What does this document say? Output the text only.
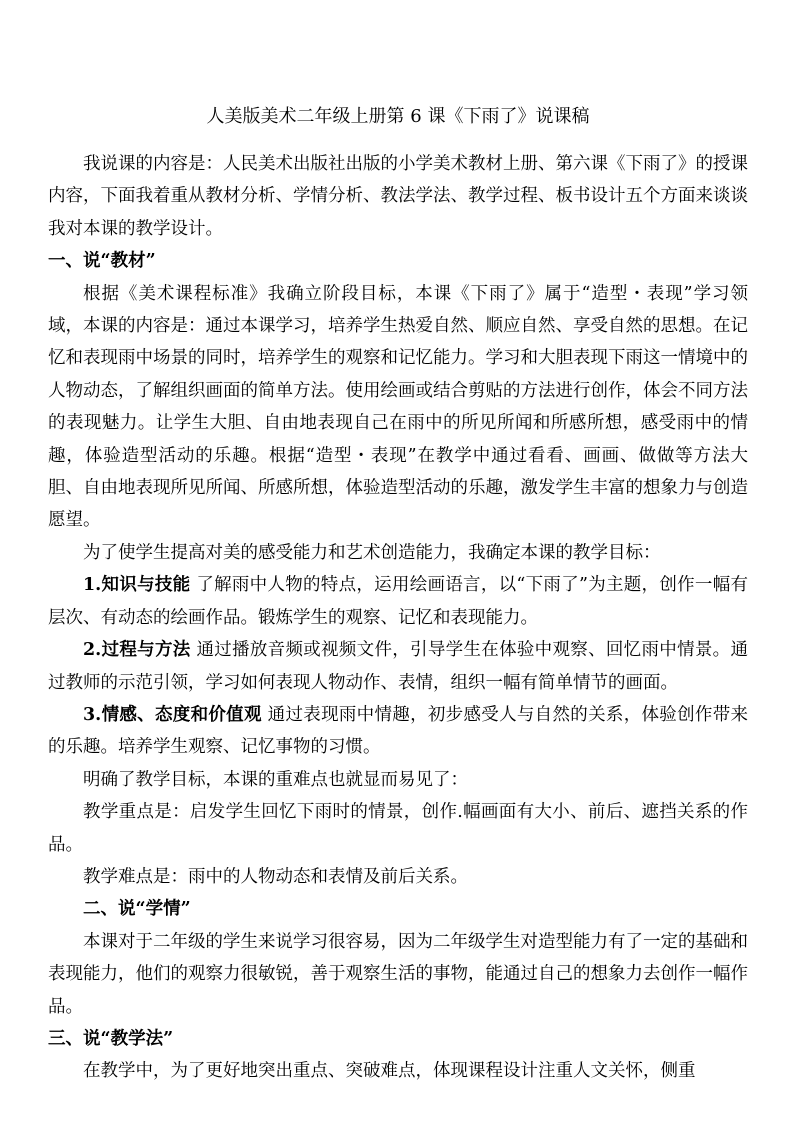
人美版美术二年级上册第 6 课《下雨了》说课稿

我说课的内容是：人民美术出版社出版的小学美术教材上册、第六课《下雨了》的授课内容，下面我着重从教材分析、学情分析、教法学法、教学过程、板书设计五个方面来谈谈我对本课的教学设计。

一、说“教材”

根据《美术课程标准》我确立阶段目标，本课《下雨了》属于“造型・表现”学习领域，本课的内容是：通过本课学习，培养学生热爱自然、顺应自然、享受自然的思想。在记忆和表现雨中场景的同时，培养学生的观察和记忆能力。学习和大胆表现下雨这一情境中的人物动态，了解组织画面的简单方法。使用绘画或结合剪贴的方法进行创作，体会不同方法的表现魅力。让学生大胆、自由地表现自己在雨中的所见所闻和所感所想，感受雨中的情趣，体验造型活动的乐趣。根据“造型・表现”在教学中通过看看、画画、做做等方法大胆、自由地表现所见所闻、所感所想，体验造型活动的乐趣，激发学生丰富的想象力与创造愿望。

为了使学生提高对美的感受能力和艺术创造能力，我确定本课的教学目标：

1.知识与技能 了解雨中人物的特点，运用绘画语言，以“下雨了”为主题，创作一幅有层次、有动态的绘画作品。锻炼学生的观察、记忆和表现能力。

2.过程与方法 通过播放音频或视频文件，引导学生在体验中观察、回忆雨中情景。通过教师的示范引领，学习如何表现人物动作、表情，组织一幅有简单情节的画面。

3.情感、态度和价值观 通过表现雨中情趣，初步感受人与自然的关系，体验创作带来的乐趣。培养学生观察、记忆事物的习惯。

明确了教学目标，本课的重难点也就显而易见了：

教学重点是：启发学生回忆下雨时的情景，创作.幅画面有大小、前后、遮挡关系的作品。

教学难点是：雨中的人物动态和表情及前后关系。

二、说“学情”

本课对于二年级的学生来说学习很容易，因为二年级学生对造型能力有了一定的基础和表现能力，他们的观察力很敏锐，善于观察生活的事物，能通过自己的想象力去创作一幅作品。

三、说“教学法”

在教学中，为了更好地突出重点、突破难点，体现课程设计注重人文关怀，侧重
